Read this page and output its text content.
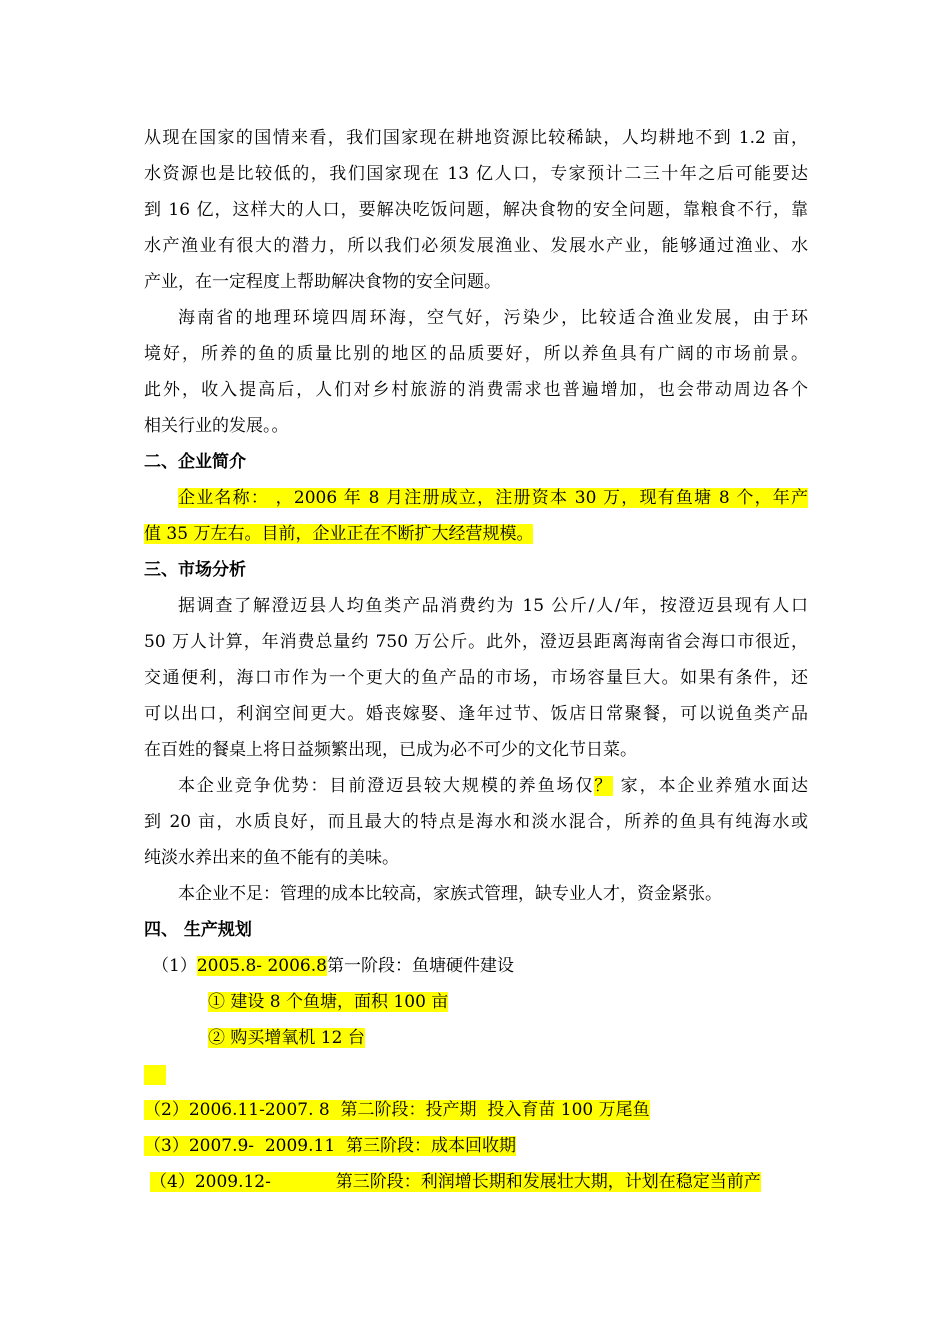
从现在国家的国情来看，我们国家现在耕地资源比较稀缺，人均耕地不到 1.2 亩，
水资源也是比较低的，我们国家现在 13 亿人口，专家预计二三十年之后可能要达
到 16 亿，这样大的人口，要解决吃饭问题，解决食物的安全问题，靠粮食不行，靠
水产渔业有很大的潜力，所以我们必须发展渔业、发展水产业，能够通过渔业、水
产业，在一定程度上帮助解决食物的安全问题。
海南省的地理环境四周环海，空气好，污染少，比较适合渔业发展，由于环
境好，所养的鱼的质量比别的地区的品质要好，所以养鱼具有广阔的市场前景。
此外，收入提高后，人们对乡村旅游的消费需求也普遍增加，也会带动周边各个
相关行业的发展。。
二、企业简介
企业名称： ，2006 年 8 月注册成立，注册资本 30 万，现有鱼塘 8 个，年产
值 35 万左右。目前，企业正在不断扩大经营规模。
三、市场分析
据调查了解澄迈县人均鱼类产品消费约为 15 公斤/人/年，按澄迈县现有人口
50 万人计算，年消费总量约 750 万公斤。此外，澄迈县距离海南省会海口市很近，
交通便利，海口市作为一个更大的鱼产品的市场，市场容量巨大。如果有条件，还
可以出口，利润空间更大。婚丧嫁娶、逢年过节、饭店日常聚餐，可以说鱼类产品
在百姓的餐桌上将日益频繁出现，已成为必不可少的文化节日菜。
本企业竞争优势：目前澄迈县较大规模的养鱼场仅？ 家，本企业养殖水面达
到 20 亩，水质良好，而且最大的特点是海水和淡水混合，所养的鱼具有纯海水或
纯淡水养出来的鱼不能有的美味。
本企业不足：管理的成本比较高，家族式管理，缺专业人才，资金紧张。
四、 生产规划
（1）2005.8- 2006.8第一阶段：鱼塘硬件建设
① 建设 8 个鱼塘，面积 100 亩
② 购买增氧机 12 台
（2）2006.11-2007. 8  第二阶段：投产期  投入育苗 100 万尾鱼
（3）2007.9-  2009.11  第三阶段：成本回收期
（4）2009.12-            第三阶段：利润增长期和发展壮大期，计划在稳定当前产
